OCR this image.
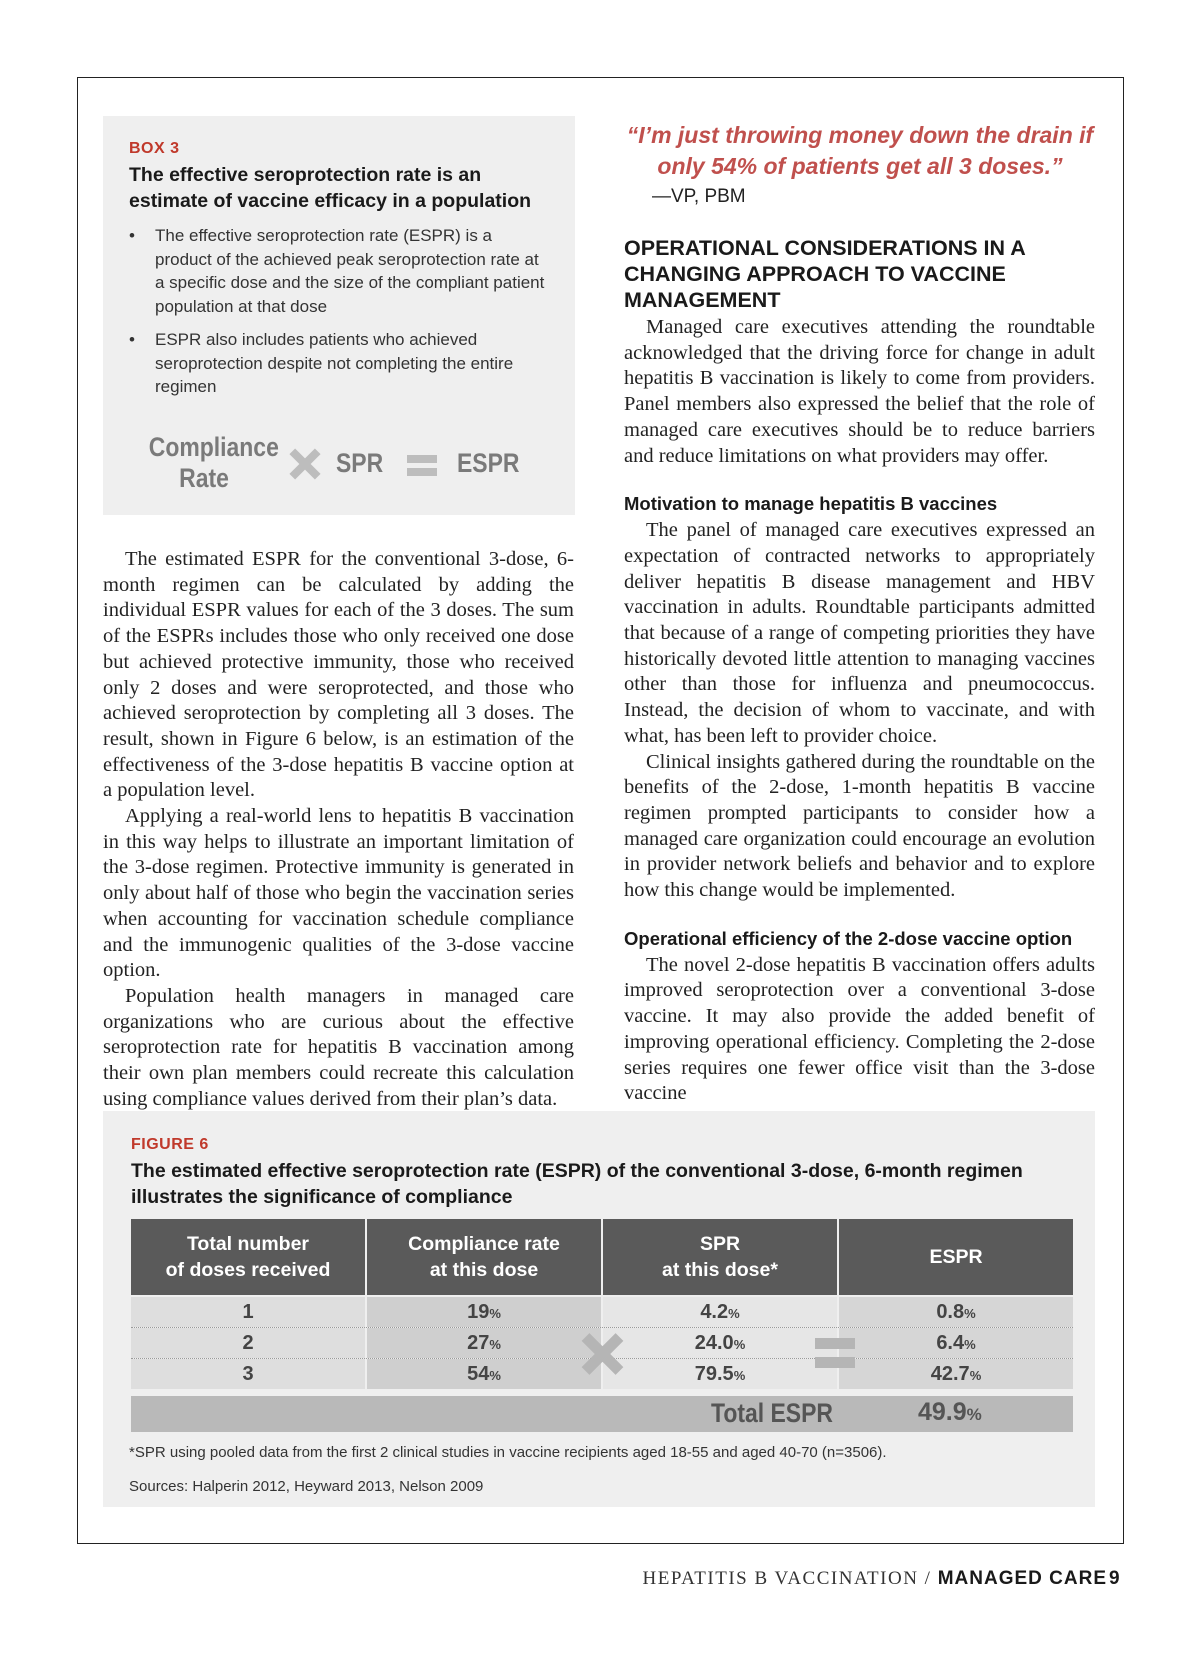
BOX 3
The effective seroprotection rate is an estimate of vaccine efficacy in a population
• The effective seroprotection rate (ESPR) is a product of the achieved peak seroprotection rate at a specific dose and the size of the compliant patient population at that dose
• ESPR also includes patients who achieved seroprotection despite not completing the entire regimen
Compliance
Rate	SPR	ESPR

The estimated ESPR for the conventional 3-dose, 6-month regimen can be calculated by adding the individual ESPR values for each of the 3 doses. The sum of the ESPRs includes those who only received one dose but achieved protective immunity, those who received only 2 doses and were seroprotected, and those who achieved seroprotection by completing all 3 doses. The result, shown in Figure 6 below, is an estimation of the effectiveness of the 3-dose hepatitis B vaccine option at a population level.

Applying a real-world lens to hepatitis B vaccination in this way helps to illustrate an important limitation of the 3-dose regimen. Protective immunity is generated in only about half of those who begin the vaccination series when accounting for vaccination schedule compliance and the immunogenic qualities of the 3-dose vaccine option.

Population health managers in managed care organizations who are curious about the effective seroprotection rate for hepatitis B vaccination among their own plan members could recreate this calculation using compliance values derived from their plan’s data.

“I’m just throwing money down the drain if only 54% of patients get all 3 doses.”
—VP, PBM
OPERATIONAL CONSIDERATIONS IN A CHANGING APPROACH TO VACCINE MANAGEMENT

Managed care executives attending the roundtable acknowledged that the driving force for change in adult hepatitis B vaccination is likely to come from providers. Panel members also expressed the belief that the role of managed care executives should be to reduce barriers and reduce limitations on what providers may offer.

Motivation to manage hepatitis B vaccines

The panel of managed care executives expressed an expectation of contracted networks to appropriately deliver hepatitis B disease management and HBV vaccination in adults. Roundtable participants admitted that because of a range of competing priorities they have historically devoted little attention to managing vaccines other than those for influenza and pneumococcus. Instead, the decision of whom to vaccinate, and with what, has been left to provider choice.

Clinical insights gathered during the roundtable on the benefits of the 2-dose, 1-month hepatitis B vaccine regimen prompted participants to consider how a managed care organization could encourage an evolution in provider network beliefs and behavior and to explore how this change would be implemented.

Operational efficiency of the 2-dose vaccine option

The novel 2-dose hepatitis B vaccination offers adults improved seroprotection over a conventional 3-dose vaccine. It may also provide the added benefit of improving operational efficiency. Completing the 2-dose series requires one fewer office visit than the 3-dose vaccine

FIGURE 6
The estimated effective seroprotection rate (ESPR) of the conventional 3-dose, 6-month regimen illustrates the significance of compliance
Total number
of doses received
Compliance rate
at this dose
SPR
at this dose*
ESPR
1	19%	4.2%	0.8%
2	27%	24.0%	6.4%
3	54%	79.5%	42.7%
Total ESPR	49.9%
*SPR using pooled data from the first 2 clinical studies in vaccine recipients aged 18-55 and aged 40-70 (n=3506).
Sources: Halperin 2012, Heyward 2013, Nelson 2009
HEPATITIS B VACCINATION / MANAGED CARE 9
